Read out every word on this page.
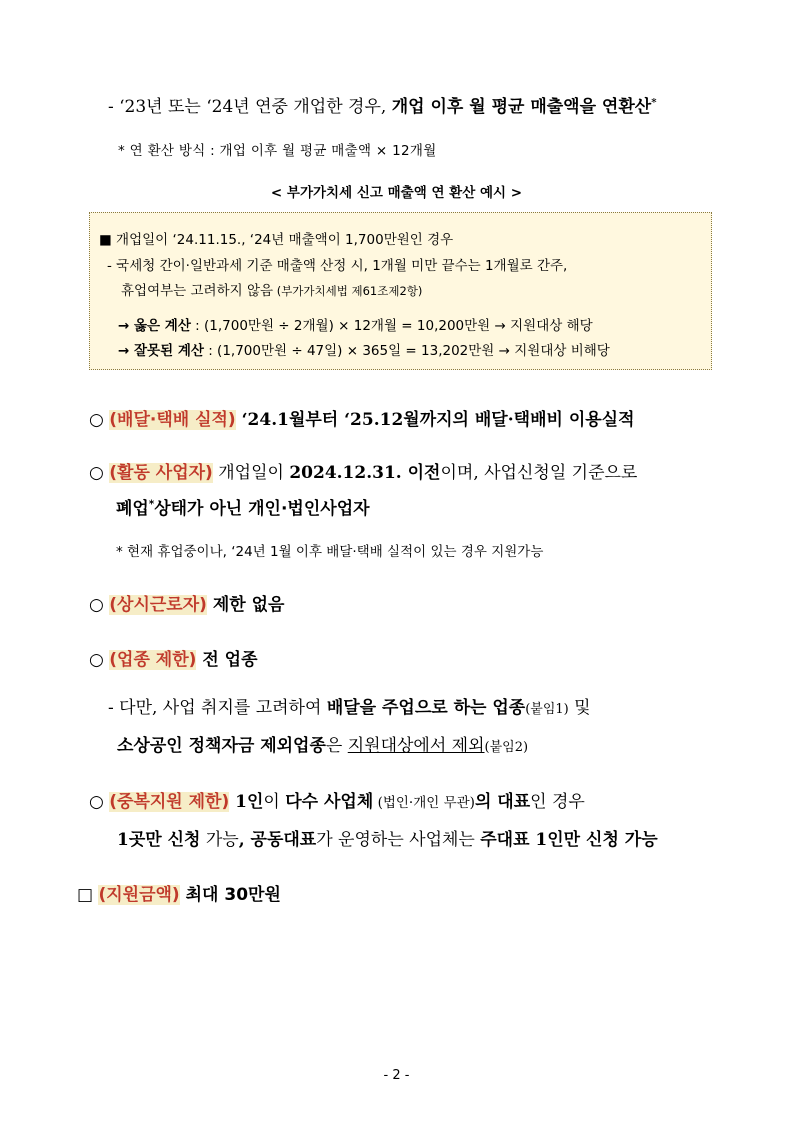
- ‘23년 또는 ‘24년 연중 개업한 경우, 개업 이후 월 평균 매출액을 연환산*
* 연 환산 방식 : 개업 이후 월 평균 매출액 × 12개월
< 부가가치세 신고 매출액 연 환산 예시 >
■ 개업일이 ‘24.11.15., ‘24년 매출액이 1,700만원인 경우
- 국세청 간이·일반과세 기준 매출액 산정 시, 1개월 미만 끝수는 1개월로 간주,
휴업여부는 고려하지 않음 (부가가치세법 제61조제2항)
→ 옳은 계산 : (1,700만원 ÷ 2개월) × 12개월 = 10,200만원 → 지원대상 해당
→ 잘못된 계산 : (1,700만원 ÷ 47일) × 365일 = 13,202만원 → 지원대상 비해당
○ (배달·택배 실적) ‘24.1월부터 ‘25.12월까지의 배달·택배비 이용실적
○ (활동 사업자) 개업일이 2024.12.31. 이전이며, 사업신청일 기준으로
폐업*상태가 아닌 개인·법인사업자
* 현재 휴업중이나, ‘24년 1월 이후 배달·택배 실적이 있는 경우 지원가능
○ (상시근로자) 제한 없음
○ (업종 제한) 전 업종
- 다만, 사업 취지를 고려하여 배달을 주업으로 하는 업종(붙임1) 및
소상공인 정책자금 제외업종은 지원대상에서 제외(붙임2)
○ (중복지원 제한) 1인이 다수 사업체 (법인·개인 무관)의 대표인 경우
1곳만 신청 가능, 공동대표가 운영하는 사업체는 주대표 1인만 신청 가능
□ (지원금액) 최대 30만원
- 2 -
